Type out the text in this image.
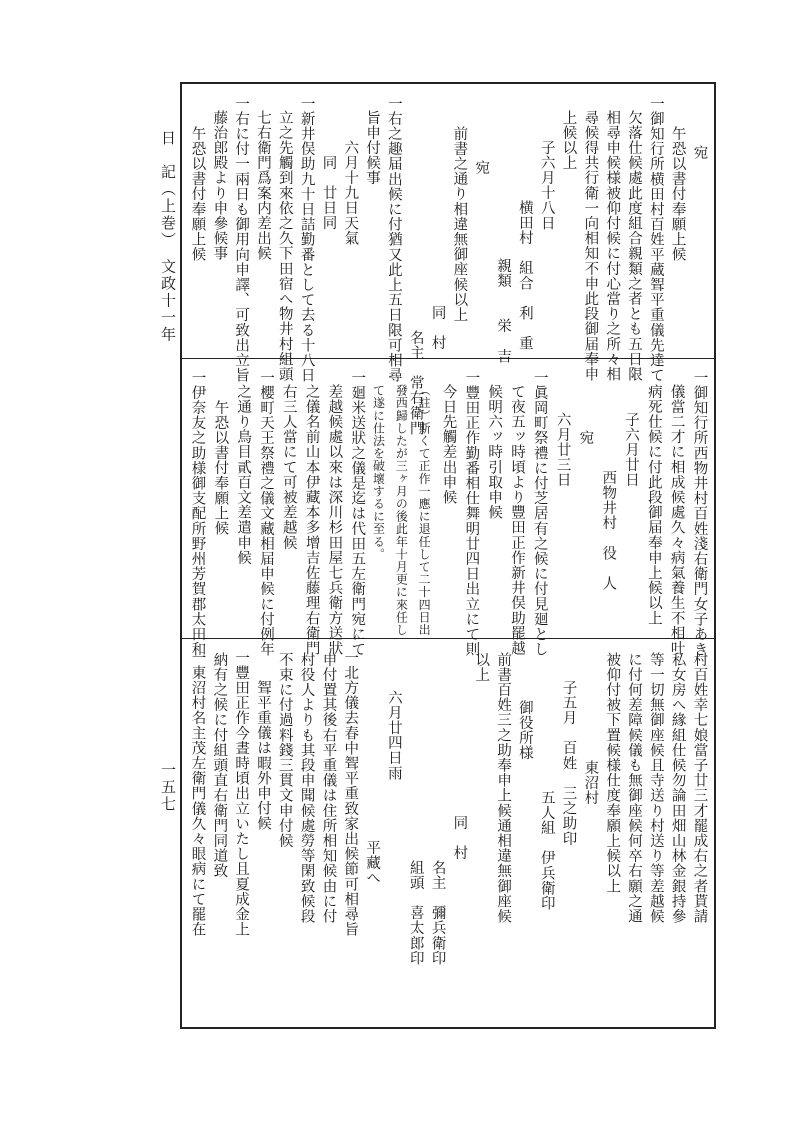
日　記（上巻）　文政十一年
一五七
宛
午恐以書付奉願上候
一御知行所横田村百姓平蔵聟平重儀先達て
欠落仕候處此度組合親類之者とも五日限
相尋申候様被仰付候に付心當り之所々相
尋候得共行衛一向相知不申此段御届奉申
上候以上
子六月十八日
横田村　組合　利　重
親類　　栄　吉
宛
前書之通り相違無御座候以上
同　村
名主　常右衛門
一右之趣届出候に付猶又此上五日限可相尋
旨申付候事
六月十九日天氣
同　廿日同
一新井俣助九十日詰勤番として去る十八日
立之先觸到來依之久下田宿へ物井村組頭
七右衛門爲案内差出候
一右に付一兩日も御用向申譯、可致出立旨
藤治郎殿より申參候事
午恐以書付奉願上候
一御知行所西物井村百姓淺右衛門女子あき
儀當二才に相成候處久々病氣養生不相叶
病死仕候に付此段御届奉申上候以上
子六月廿日
西物井村　役　人
宛
六月廿三日
一眞岡町祭禮に付芝居有之候に付見廻とし
て夜五ッ時頃より豐田正作新井俣助罷越
候明六ッ時引取申候
一豐田正作勤番相仕舞明廿四日出立にて則
今日先觸差出申候
（註）斯くて正作一應に退任して二十四日出
發西歸したが三ヶ月の後此年十月更に來任し
て遂に仕法を破壞するに至る。
一廻米送狀之儀是迄は代田五左衛門宛にて
差越候處以來は深川杉田屋七兵衛方送狀
之儀名前山本伊藏本多增吉佐藤理右衛門
右三人當にて可被差越候
一櫻町天王祭禮之儀文藏相届申候に付例年
之通り鳥目貳百文差遣申候
午恐以書付奉願上候
一伊奈友之助様御支配所野州芳賀郡太田和
村百姓幸七娘當子廿三才罷成右之者貰請
私女房へ緣組仕候勿論田畑山林金銀持參
等一切無御座候且寺送り村送り等差越候
に付何差障候儀も無御座候何卒右願之通
被仰付被下置候様仕度奉願上候以上
東沼村
子五月　百姓　三之助印
五人組　伊兵衛印
御役所様
前書百姓三之助奉申上候通相違無御座候
以上
同　村
名主　彌兵衛印
組頭　喜太郎印
六月廿四日雨
平藏へ
一北方儀去春中聟平重致家出候節可相尋旨
申付置其後右平重儀は住所相知候由に付
村役人よりも其段申聞候處勞等閑致候段
不束に付過料錢三貫文申付候
聟平重儀は暇外申付候
一豐田正作今晝時頃出立いたし且夏成金上
納有之候に付組頭直右衛門同道致
一東沼村名主茂左衛門儀久々眼病にて罷在
